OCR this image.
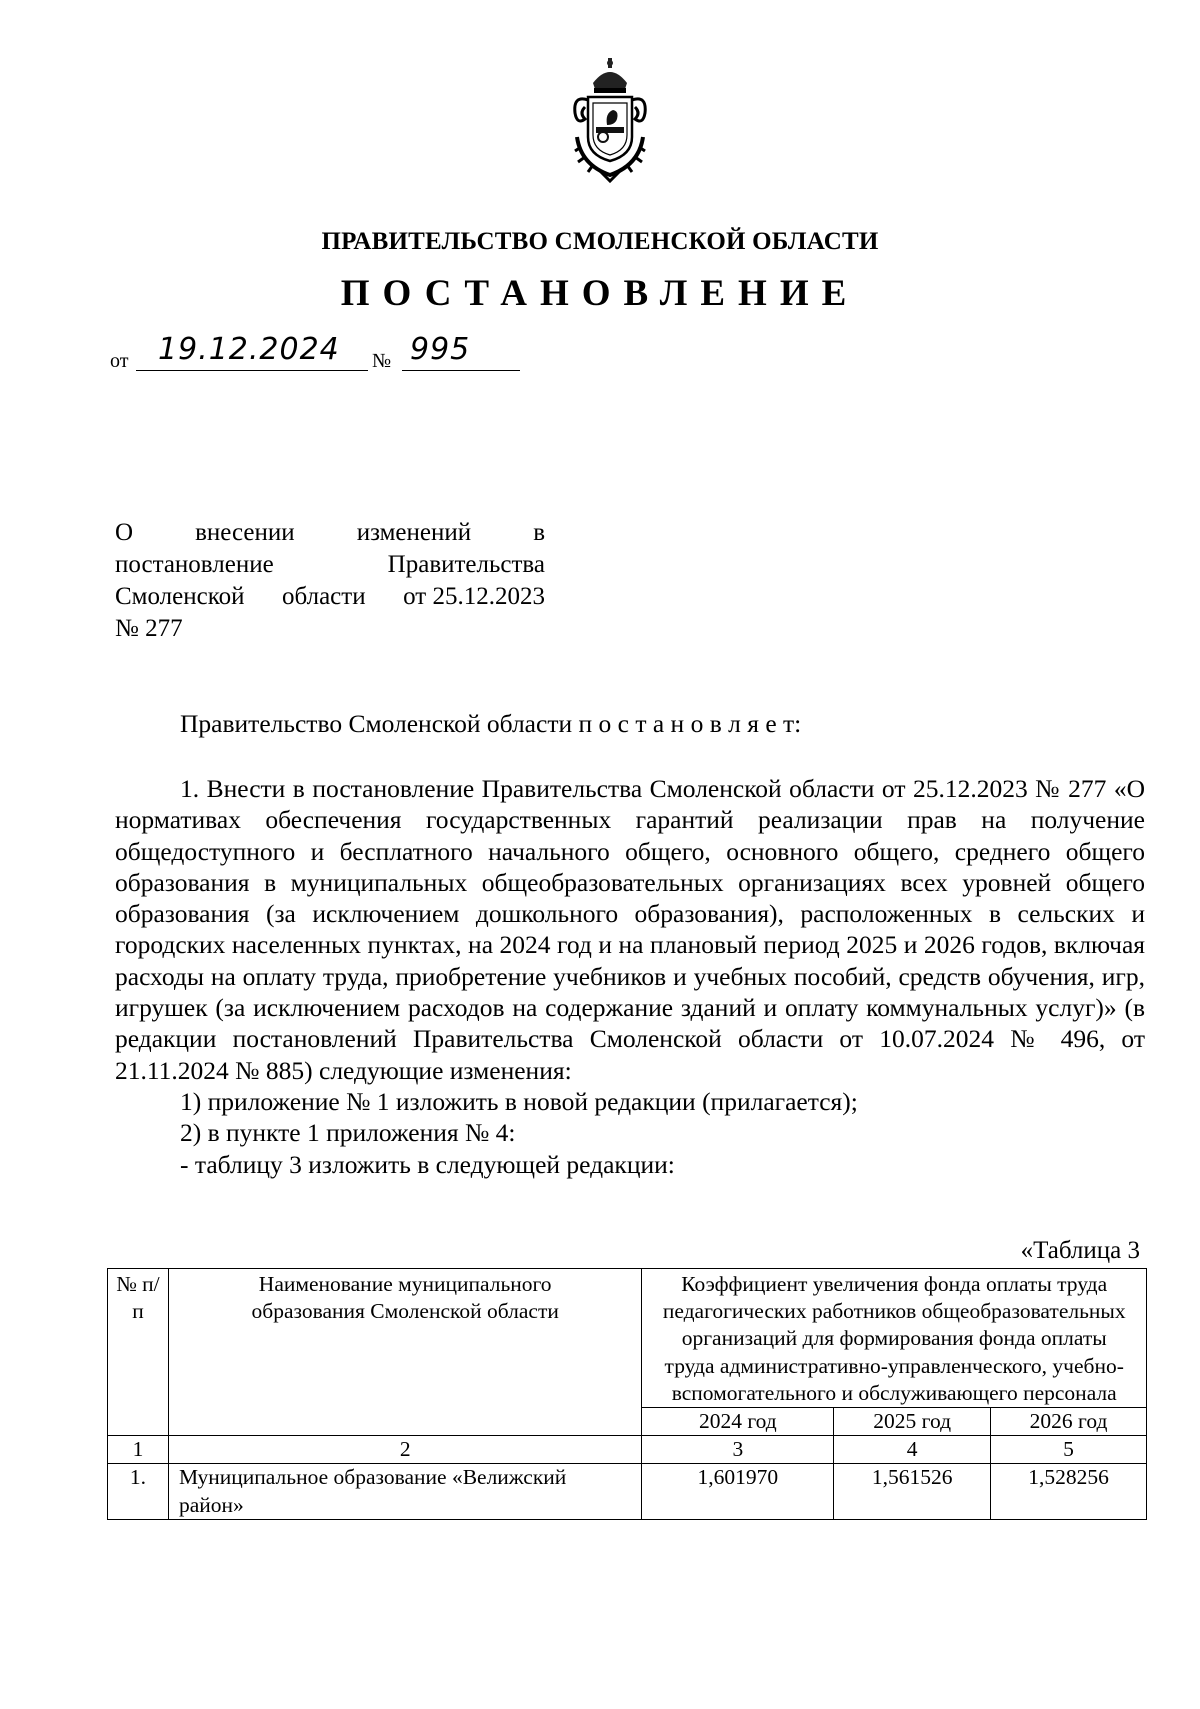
ПРАВИТЕЛЬСТВО СМОЛЕНСКОЙ ОБЛАСТИ
ПОСТАНОВЛЕНИЕ
от 19.12.2024 № 995
О внесении изменений в
постановление	Правительства
Смоленской области от 25.12.2023
№ 277
Правительство Смоленской области п о с т а н о в л я е т:
1. Внести в постановление Правительства Смоленской области от 25.12.2023 № 277 «О нормативах обеспечения государственных гарантий реализации прав на получение общедоступного и бесплатного начального общего, основного общего, среднего общего образования в муниципальных общеобразовательных организациях всех уровней общего образования (за исключением дошкольного образования), расположенных в сельских и городских населенных пунктах, на 2024 год и на плановый период 2025 и 2026 годов, включая расходы на оплату труда, приобретение учебников и учебных пособий, средств обучения, игр, игрушек (за исключением расходов на содержание зданий и оплату коммунальных услуг)» (в редакции постановлений Правительства Смоленской области от 10.07.2024 № 496, от 21.11.2024 № 885) следующие изменения:
1) приложение № 1 изложить в новой редакции (прилагается);
2) в пункте 1 приложения № 4:
- таблицу 3 изложить в следующей редакции:
«Таблица 3
№ п/п	Наименование муниципального образования Смоленской области	Коэффициент увеличения фонда оплаты труда педагогических работников общеобразовательных организаций для формирования фонда оплаты труда административно-управленческого, учебно-вспомогательного и обслуживающего персонала		
		2024 год	2025 год	2026 год
1	2	3	4	5
1.	Муниципальное образование «Велижский район»	1,601970	1,561526	1,528256
